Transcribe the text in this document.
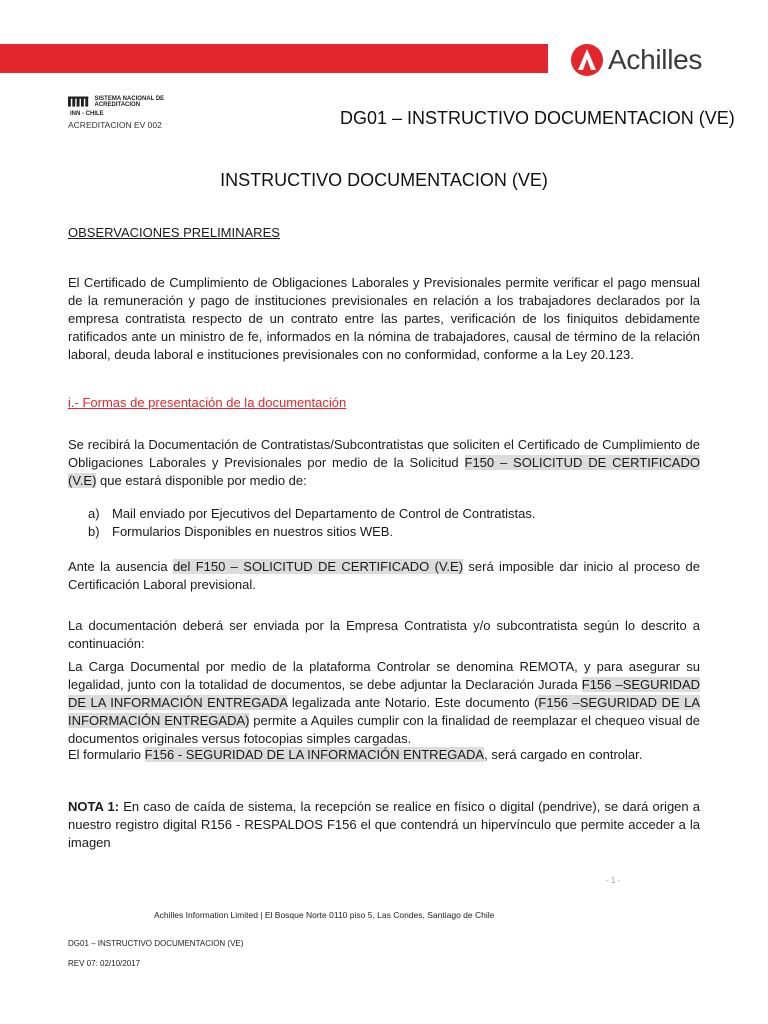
Achilles
SISTEMA NACIONAL DE ACREDITACION
INN - CHILE
ACREDITACION EV 002	DG01 – INSTRUCTIVO DOCUMENTACION (VE)
INSTRUCTIVO DOCUMENTACION (VE)
OBSERVACIONES PRELIMINARES
El Certificado de Cumplimiento de Obligaciones Laborales y Previsionales permite verificar el pago mensual de la remuneración y pago de instituciones previsionales en relación a los trabajadores declarados por la empresa contratista respecto de un contrato entre las partes, verificación de los finiquitos debidamente ratificados ante un ministro de fe, informados en la nómina de trabajadores, causal de término de la relación laboral, deuda laboral e instituciones previsionales con no conformidad, conforme a la Ley 20.123.
i.- Formas de presentación de la documentación
Se recibirá la Documentación de Contratistas/Subcontratistas que soliciten el Certificado de Cumplimiento de Obligaciones Laborales y Previsionales por medio de la Solicitud F150 – SOLICITUD DE CERTIFICADO (V.E) que estará disponible por medio de:
a) Mail enviado por Ejecutivos del Departamento de Control de Contratistas.
b) Formularios Disponibles en nuestros sitios WEB.
Ante la ausencia del F150 – SOLICITUD DE CERTIFICADO (V.E) será imposible dar inicio al proceso de Certificación Laboral previsional.
La documentación deberá ser enviada por la Empresa Contratista y/o subcontratista según lo descrito a continuación:
La Carga Documental por medio de la plataforma Controlar se denomina REMOTA, y para asegurar su legalidad, junto con la totalidad de documentos, se debe adjuntar la Declaración Jurada F156 –SEGURIDAD DE LA INFORMACIÓN ENTREGADA legalizada ante Notario. Este documento (F156 –SEGURIDAD DE LA INFORMACIÓN ENTREGADA) permite a Aquiles cumplir con la finalidad de reemplazar el chequeo visual de documentos originales versus fotocopias simples cargadas.
El formulario F156 - SEGURIDAD DE LA INFORMACIÓN ENTREGADA, será cargado en controlar.
NOTA 1: En caso de caída de sistema, la recepción se realice en físico o digital (pendrive), se dará origen a nuestro registro digital R156 - RESPALDOS F156 el que contendrá un hipervínculo que permite acceder a la imagen
- 1 -
Achilles Information Limited | El Bosque Norte 0110 piso 5, Las Condes, Santiago de Chile
DG01 – INSTRUCTIVO DOCUMENTACION (VE)
REV 07: 02/10/2017
